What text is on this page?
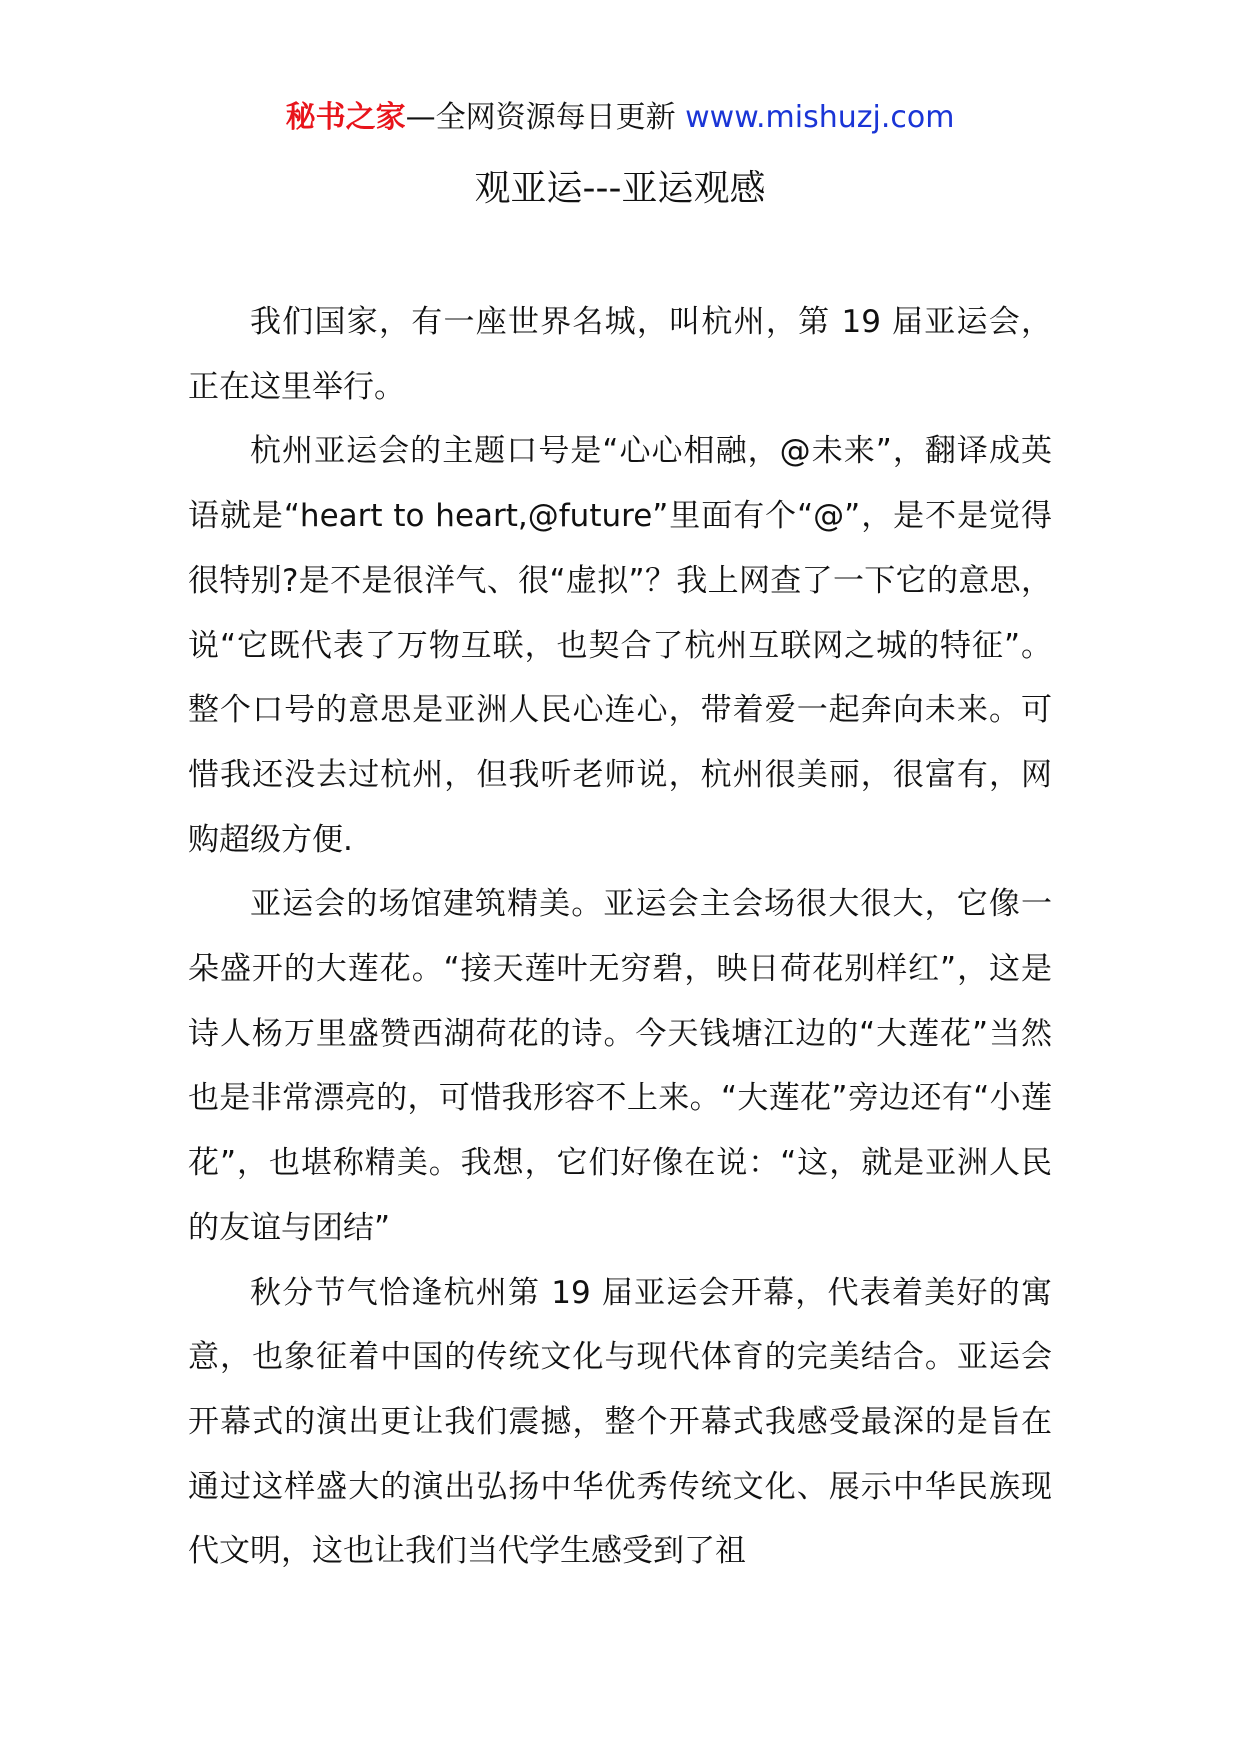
秘书之家—全网资源每日更新 www.mishuzj.com
观亚运---亚运观感

我们国家，有一座世界名城，叫杭州，第 19 届亚运会，正在这里举行。

杭州亚运会的主题口号是“心心相融，@未来”，翻译成英语就是“heart to heart,@future”里面有个“@”，是不是觉得很特别?是不是很洋气、很“虚拟”？我上网查了一下它的意思，说“它既代表了万物互联，也契合了杭州互联网之城的特征”。整个口号的意思是亚洲人民心连心，带着爱一起奔向未来。可惜我还没去过杭州，但我听老师说，杭州很美丽，很富有，网购超级方便.

亚运会的场馆建筑精美。亚运会主会场很大很大，它像一朵盛开的大莲花。“接天莲叶无穷碧，映日荷花别样红”，这是诗人杨万里盛赞西湖荷花的诗。今天钱塘江边的“大莲花”当然也是非常漂亮的，可惜我形容不上来。“大莲花”旁边还有“小莲花”，也堪称精美。我想，它们好像在说：“这，就是亚洲人民的友谊与团结”

秋分节气恰逢杭州第 19 届亚运会开幕，代表着美好的寓意，也象征着中国的传统文化与现代体育的完美结合。亚运会开幕式的演出更让我们震撼，整个开幕式我感受最深的是旨在通过这样盛大的演出弘扬中华优秀传统文化、展示中华民族现代文明，这也让我们当代学生感受到了祖
